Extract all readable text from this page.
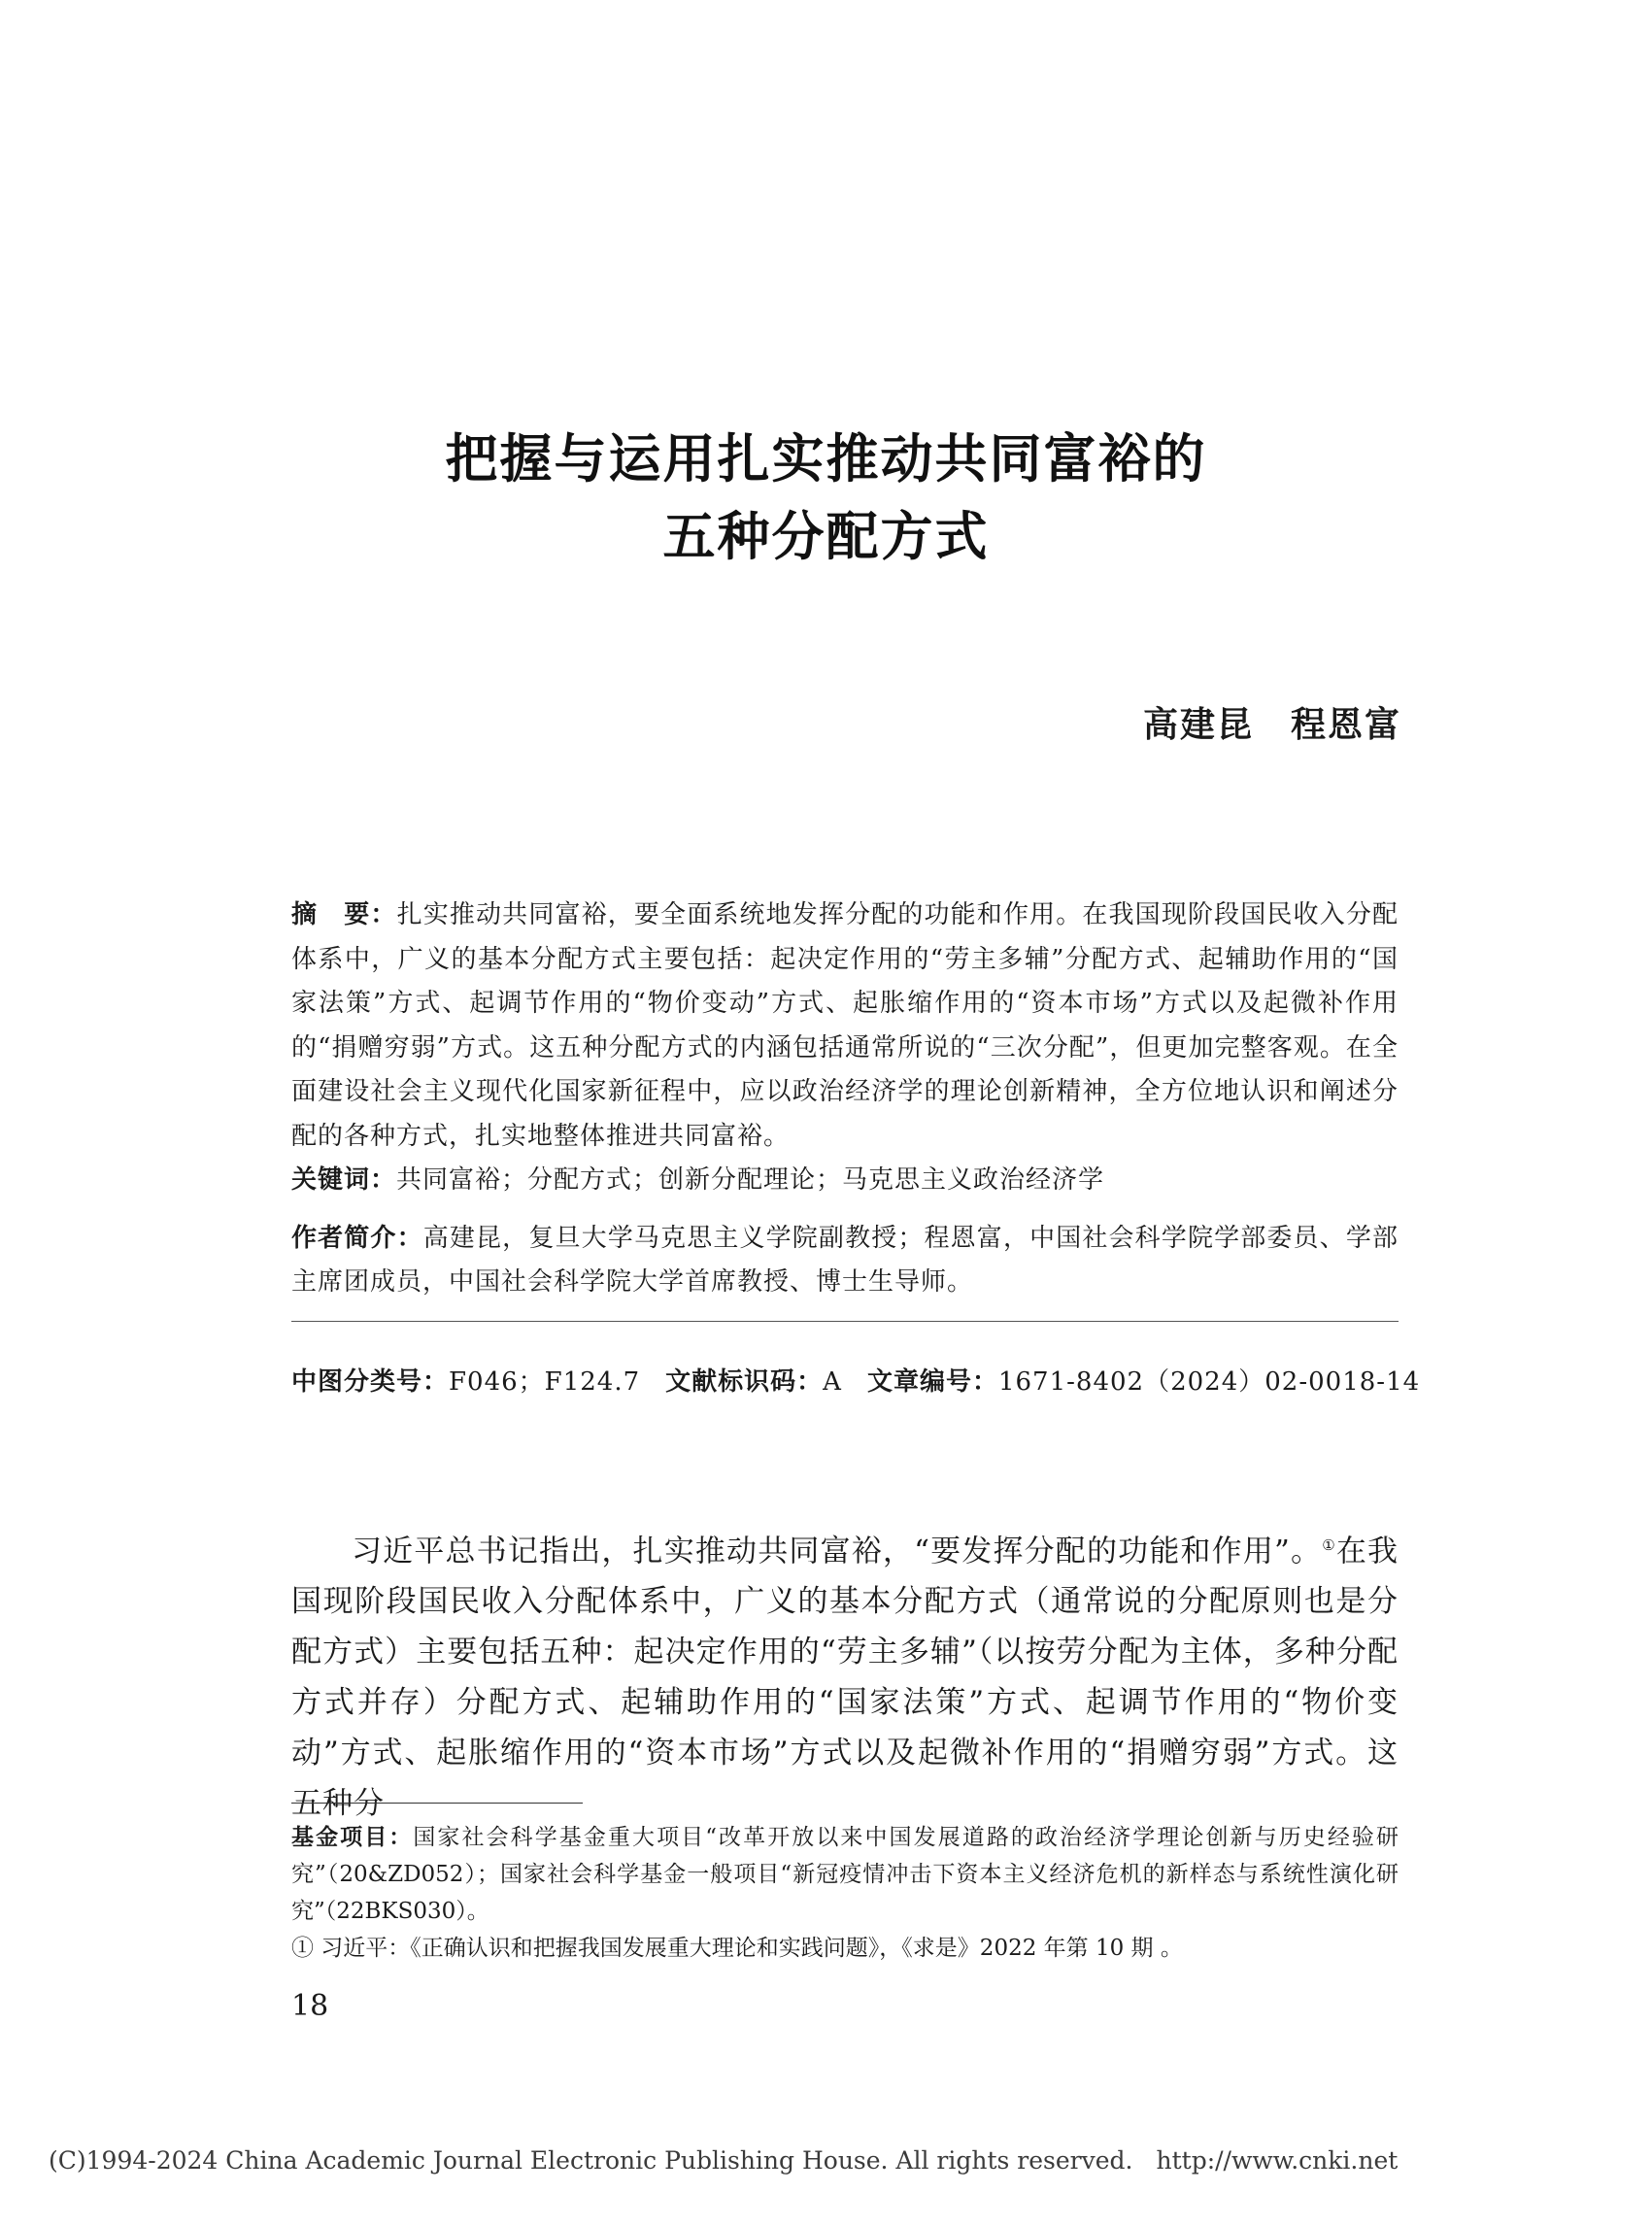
把握与运用扎实推动共同富裕的
五种分配方式
高建昆　程恩富

摘　要：扎实推动共同富裕，要全面系统地发挥分配的功能和作用。在我国现阶段国民收入分配体系中，广义的基本分配方式主要包括：起决定作用的“劳主多辅”分配方式、起辅助作用的“国家法策”方式、起调节作用的“物价变动”方式、起胀缩作用的“资本市场”方式以及起微补作用的“捐赠穷弱”方式。这五种分配方式的内涵包括通常所说的“三次分配”，但更加完整客观。在全面建设社会主义现代化国家新征程中，应以政治经济学的理论创新精神，全方位地认识和阐述分配的各种方式，扎实地整体推进共同富裕。

关键词：共同富裕；分配方式；创新分配理论；马克思主义政治经济学

作者简介：高建昆，复旦大学马克思主义学院副教授；程恩富，中国社会科学院学部委员、学部主席团成员，中国社会科学院大学首席教授、博士生导师。

中图分类号：F046；F124.7 文献标识码：A 文章编号：1671-8402（2024）02-0018-14

习近平总书记指出，扎实推动共同富裕，“要发挥分配的功能和作用”。①在我国现阶段国民收入分配体系中，广义的基本分配方式（通常说的分配原则也是分配方式）主要包括五种：起决定作用的“劳主多辅”（以按劳分配为主体，多种分配方式并存）分配方式、起辅助作用的“国家法策”方式、起调节作用的“物价变动”方式、起胀缩作用的“资本市场”方式以及起微补作用的“捐赠穷弱”方式。这五种分

基金项目：国家社会科学基金重大项目“改革开放以来中国发展道路的政治经济学理论创新与历史经验研究”（20&ZD052）；国家社会科学基金一般项目“新冠疫情冲击下资本主义经济危机的新样态与系统性演化研究”（22BKS030）。

① 习近平：《正确认识和把握我国发展重大理论和实践问题》，《求是》2022 年第 10 期 。

18
(C)1994-2024 China Academic Journal Electronic Publishing House. All rights reserved. http://www.cnki.net
